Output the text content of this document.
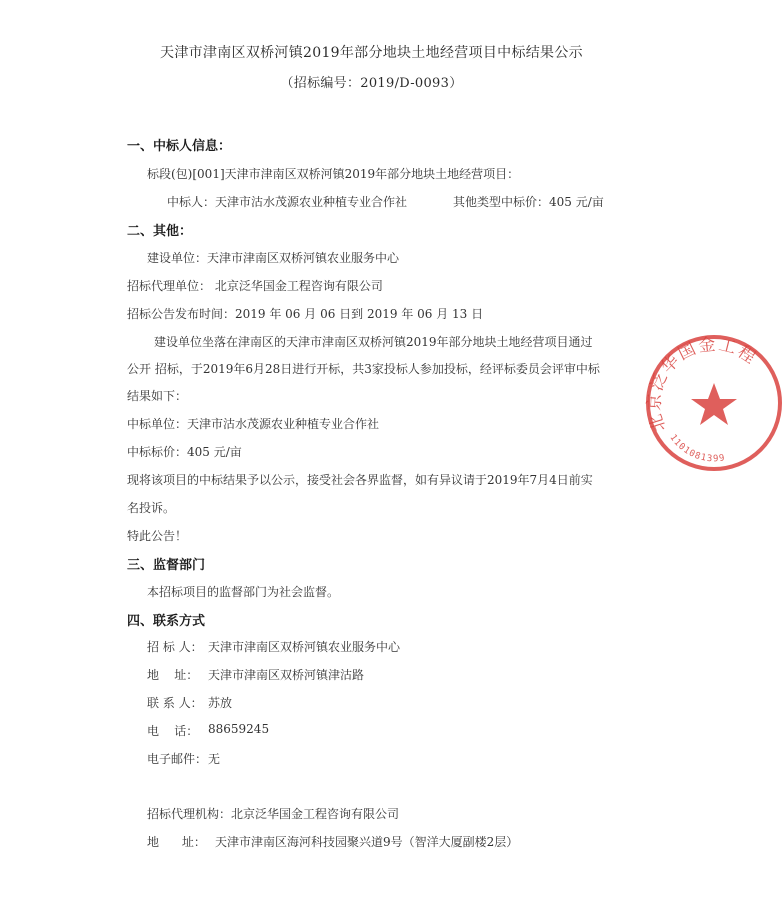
天津市津南区双桥河镇2019年部分地块土地经营项目中标结果公示
（招标编号：2019/D-0093）
一、中标人信息：
标段(包)[001]天津市津南区双桥河镇2019年部分地块土地经营项目：
中标人：天津市沽水茂源农业种植专业合作社	其他类型中标价：405 元/亩
二、其他：
建设单位：天津市津南区双桥河镇农业服务中心
招标代理单位： 北京泛华国金工程咨询有限公司
招标公告发布时间：2019 年 06 月 06 日到 2019 年 06 月 13 日
建设单位坐落在津南区的天津市津南区双桥河镇2019年部分地块土地经营项目通过
公开 招标，于2019年6月28日进行开标，共3家投标人参加投标，经评标委员会评审中标
结果如下：
中标单位：天津市沽水茂源农业种植专业合作社
中标标价：405 元/亩
现将该项目的中标结果予以公示，接受社会各界监督，如有异议请于2019年7月4日前实
名投诉。
特此公告！
三、监督部门
本招标项目的监督部门为社会监督。
四、联系方式
招 标 人： 天津市津南区双桥河镇农业服务中心
地    址： 天津市津南区双桥河镇津沽路
联 系 人： 苏放
电    话： 88659245
电子邮件： 无
招标代理机构：北京泛华国金工程咨询有限公司
地      址： 天津市津南区海河科技园聚兴道9号（智洋大厦副楼2层）
北京泛华国金工程
1101081399
